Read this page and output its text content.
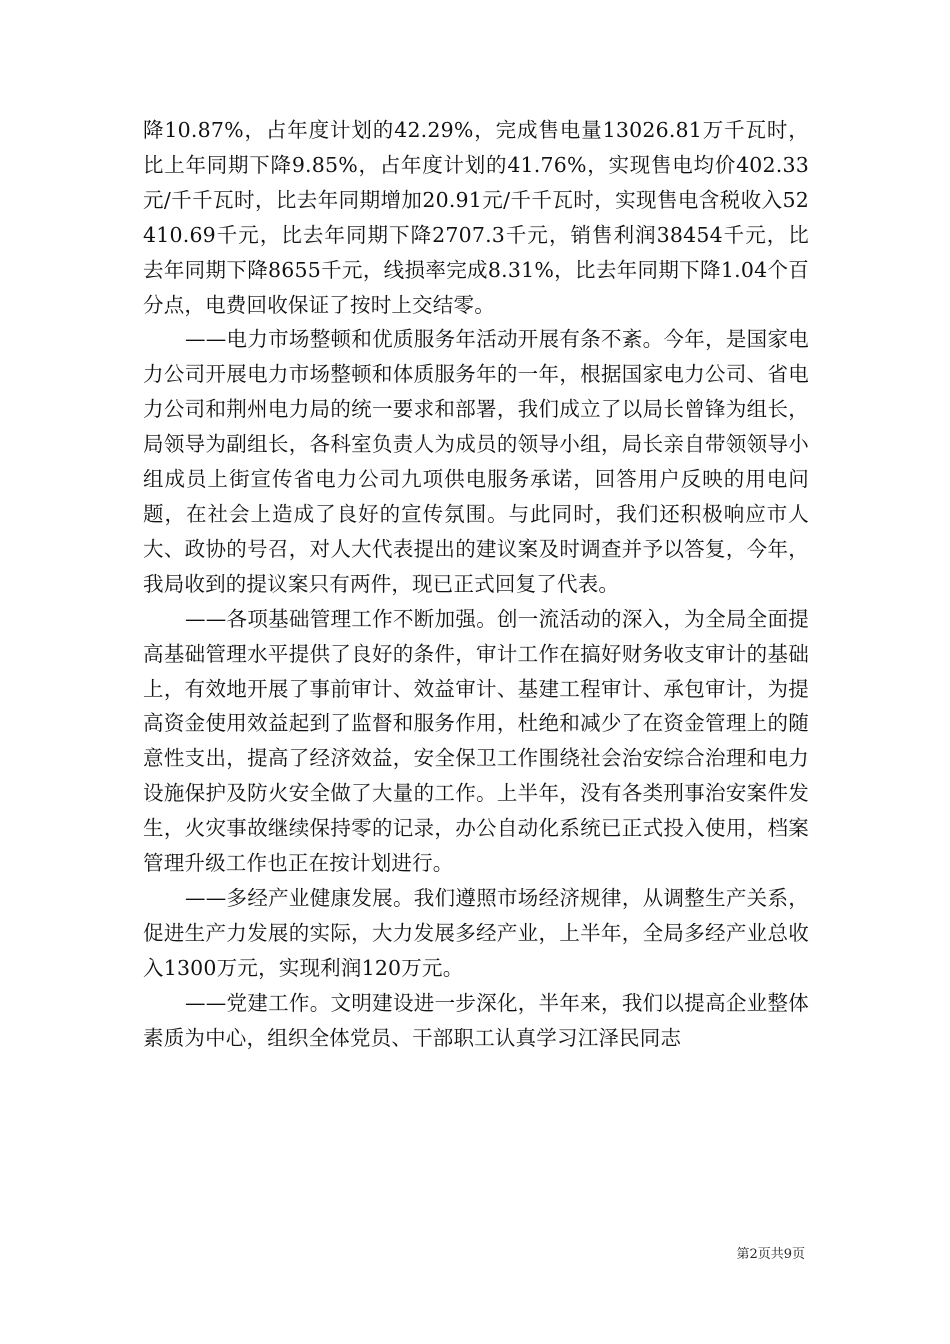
降10.87%，占年度计划的42.29%，完成售电量13026.81万千瓦时，比上年同期下降9.85%，占年度计划的41.76%，实现售电均价402.33元/千千瓦时，比去年同期增加20.91元/千千瓦时，实现售电含税收入52410.69千元，比去年同期下降2707.3千元，销售利润38454千元，比去年同期下降8655千元，线损率完成8.31%，比去年同期下降1.04个百分点，电费回收保证了按时上交结零。

——电力市场整顿和优质服务年活动开展有条不紊。今年，是国家电力公司开展电力市场整顿和体质服务年的一年，根据国家电力公司、省电力公司和荆州电力局的统一要求和部署，我们成立了以局长曾锋为组长，局领导为副组长，各科室负责人为成员的领导小组，局长亲自带领领导小组成员上街宣传省电力公司九项供电服务承诺，回答用户反映的用电问题，在社会上造成了良好的宣传氛围。与此同时，我们还积极响应市人大、政协的号召，对人大代表提出的建议案及时调查并予以答复，今年，我局收到的提议案只有两件，现已正式回复了代表。

——各项基础管理工作不断加强。创一流活动的深入，为全局全面提高基础管理水平提供了良好的条件，审计工作在搞好财务收支审计的基础上，有效地开展了事前审计、效益审计、基建工程审计、承包审计，为提高资金使用效益起到了监督和服务作用，杜绝和减少了在资金管理上的随意性支出，提高了经济效益，安全保卫工作围绕社会治安综合治理和电力设施保护及防火安全做了大量的工作。上半年，没有各类刑事治安案件发生，火灾事故继续保持零的记录，办公自动化系统已正式投入使用，档案管理升级工作也正在按计划进行。

——多经产业健康发展。我们遵照市场经济规律，从调整生产关系，促进生产力发展的实际，大力发展多经产业，上半年，全局多经产业总收入1300万元，实现利润120万元。

——党建工作。文明建设进一步深化，半年来，我们以提高企业整体素质为中心，组织全体党员、干部职工认真学习江泽民同志

第2页共9页
